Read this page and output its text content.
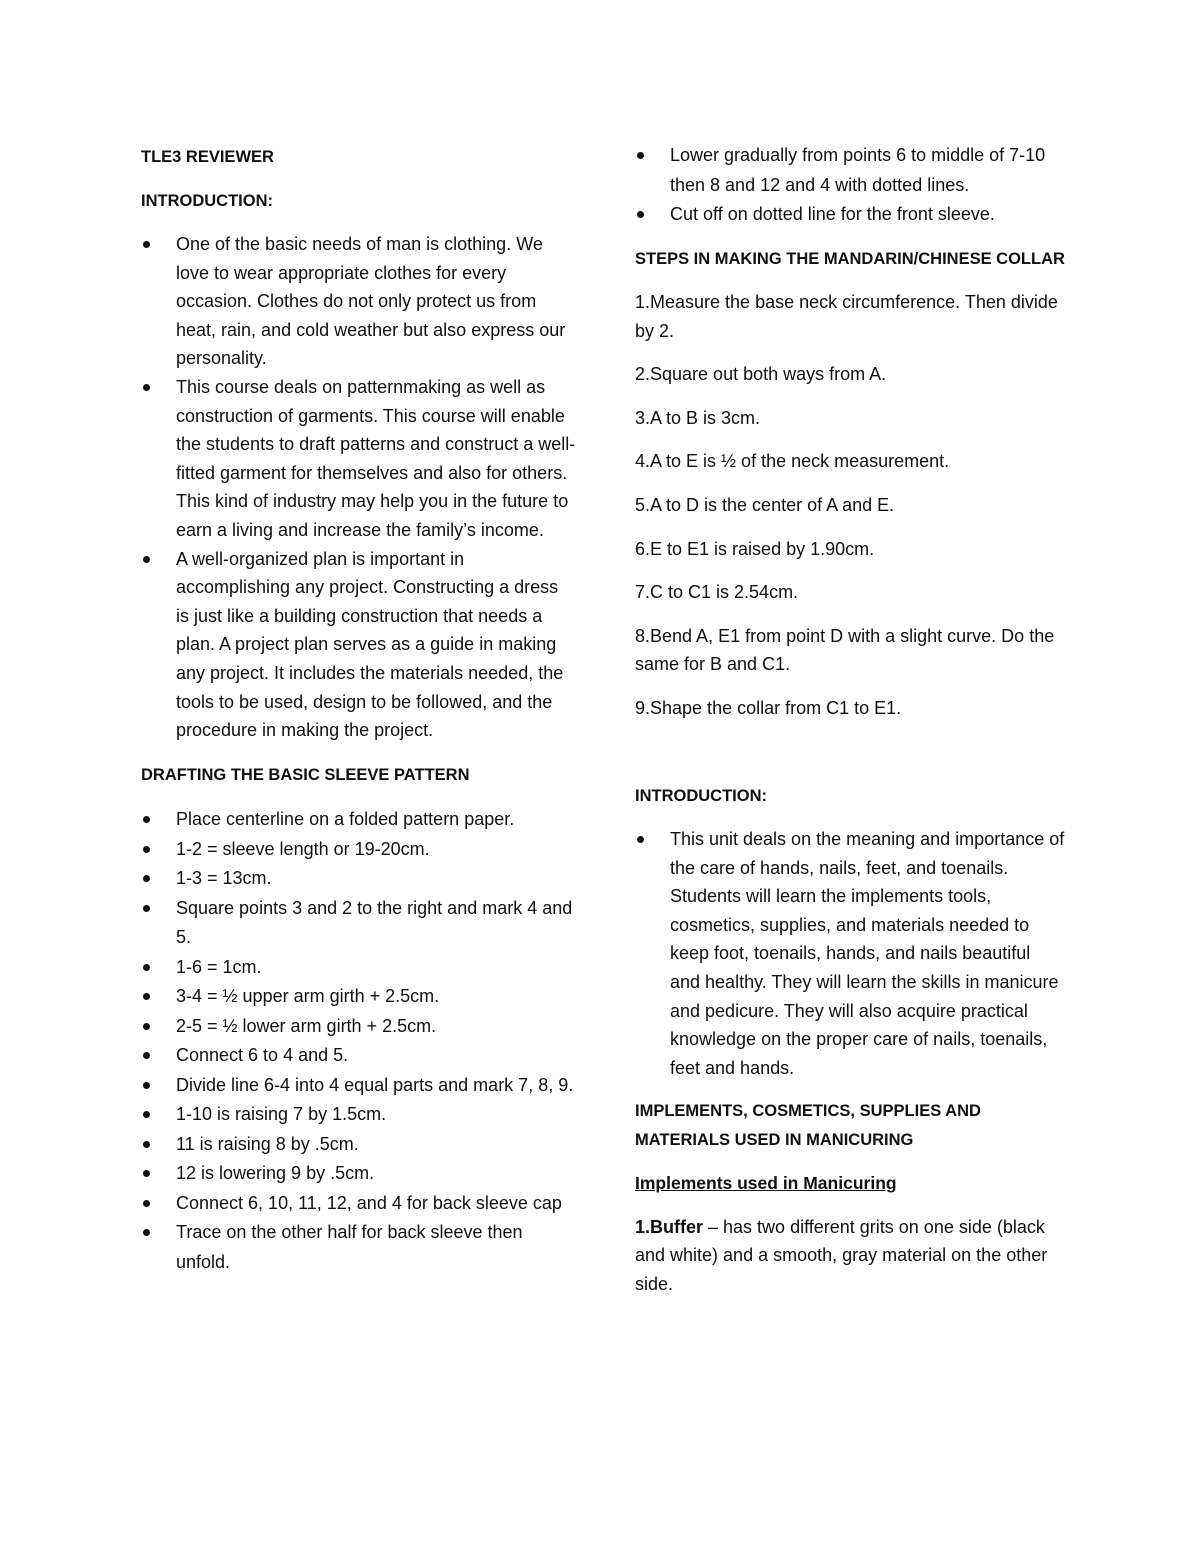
TLE3 REVIEWER

INTRODUCTION:

One of the basic needs of man is clothing. We love to wear appropriate clothes for every occasion. Clothes do not only protect us from heat, rain, and cold weather but also express our personality.
This course deals on patternmaking as well as construction of garments. This course will enable the students to draft patterns and construct a well-fitted garment for themselves and also for others. This kind of industry may help you in the future to earn a living and increase the family’s income.
A well-organized plan is important in accomplishing any project. Constructing a dress is just like a building construction that needs a plan. A project plan serves as a guide in making any project. It includes the materials needed, the tools to be used, design to be followed, and the procedure in making the project.

DRAFTING THE BASIC SLEEVE PATTERN

Place centerline on a folded pattern paper.
1-2 = sleeve length or 19-20cm.
1-3 = 13cm.
Square points 3 and 2 to the right and mark 4 and 5.
1-6 = 1cm.
3-4 = ½ upper arm girth + 2.5cm.
2-5 = ½ lower arm girth + 2.5cm.
Connect 6 to 4 and 5.
Divide line 6-4 into 4 equal parts and mark 7, 8, 9.
1-10 is raising 7 by 1.5cm.
11 is raising 8 by .5cm.
12 is lowering 9 by .5cm.
Connect 6, 10, 11, 12, and 4 for back sleeve cap
Trace on the other half for back sleeve then unfold.
Lower gradually from points 6 to middle of 7-10 then 8 and 12 and 4 with dotted lines.
Cut off on dotted line for the front sleeve.

STEPS IN MAKING THE MANDARIN/CHINESE COLLAR

1.Measure the base neck circumference. Then divide by 2.

2.Square out both ways from A.

3.A to B is 3cm.

4.A to E is ½ of the neck measurement.

5.A to D is the center of A and E.

6.E to E1 is raised by 1.90cm.

7.C to C1 is 2.54cm.

8.Bend A, E1 from point D with a slight curve. Do the same for B and C1.

9.Shape the collar from C1 to E1.

INTRODUCTION:

This unit deals on the meaning and importance of the care of hands, nails, feet, and toenails. Students will learn the implements tools, cosmetics, supplies, and materials needed to keep foot, toenails, hands, and nails beautiful and healthy. They will learn the skills in manicure and pedicure. They will also acquire practical knowledge on the proper care of nails, toenails, feet and hands.

IMPLEMENTS, COSMETICS, SUPPLIES AND MATERIALS USED IN MANICURING

Implements used in Manicuring

1.Buffer – has two different grits on one side (black and white) and a smooth, gray material on the other side.
